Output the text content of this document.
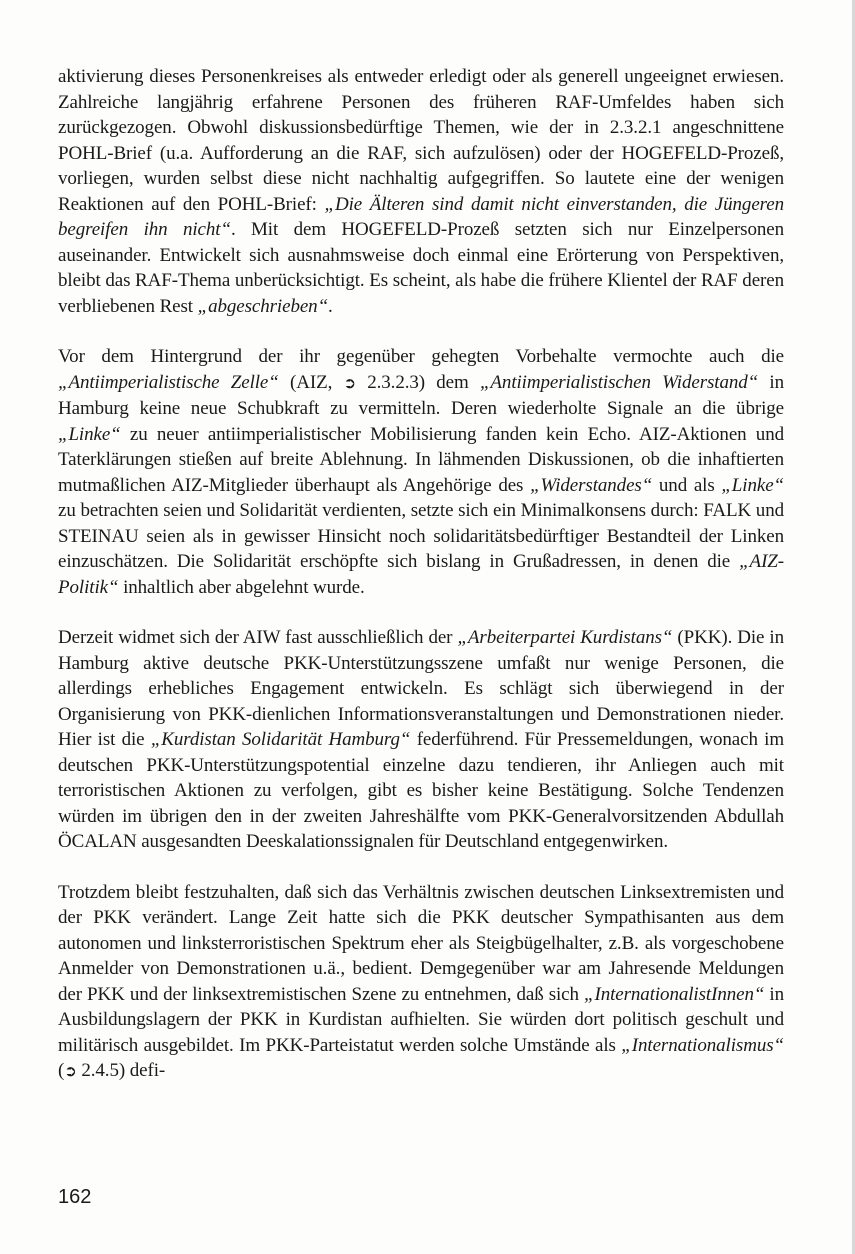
aktivierung dieses Personenkreises als entweder erledigt oder als generell ungeeignet erwiesen. Zahlreiche langjährig erfahrene Personen des früheren RAF-Umfeldes haben sich zurückgezogen. Obwohl diskussionsbedürftige Themen, wie der in 2.3.2.1 angeschnittene POHL-Brief (u.a. Aufforderung an die RAF, sich aufzulösen) oder der HOGEFELD-Prozeß, vorliegen, wurden selbst diese nicht nachhaltig aufgegriffen. So lautete eine der wenigen Reaktionen auf den POHL-Brief: „Die Älteren sind damit nicht einverstanden, die Jüngeren begreifen ihn nicht“. Mit dem HOGEFELD-Prozeß setzten sich nur Einzelpersonen auseinander. Entwickelt sich ausnahmsweise doch einmal eine Erörterung von Perspektiven, bleibt das RAF-Thema unberücksichtigt. Es scheint, als habe die frühere Klientel der RAF deren verbliebenen Rest „abgeschrieben“.

Vor dem Hintergrund der ihr gegenüber gehegten Vorbehalte vermochte auch die „Antiimperialistische Zelle“ (AIZ, ➲ 2.3.2.3) dem „Antiimperialistischen Widerstand“ in Hamburg keine neue Schubkraft zu vermitteln. Deren wiederholte Signale an die übrige „Linke“ zu neuer antiimperialistischer Mobilisierung fanden kein Echo. AIZ-Aktionen und Taterklärungen stießen auf breite Ablehnung. In lähmenden Diskussionen, ob die inhaftierten mutmaßlichen AIZ-Mitglieder überhaupt als Angehörige des „Widerstandes“ und als „Linke“ zu betrachten seien und Solidarität verdienten, setzte sich ein Minimalkonsens durch: FALK und STEINAU seien als in gewisser Hinsicht noch solidaritätsbedürftiger Bestandteil der Linken einzuschätzen. Die Solidarität erschöpfte sich bislang in Grußadressen, in denen die „AIZ-Politik“ inhaltlich aber abgelehnt wurde.

Derzeit widmet sich der AIW fast ausschließlich der „Arbeiterpartei Kurdistans“ (PKK). Die in Hamburg aktive deutsche PKK-Unterstützungsszene umfaßt nur wenige Personen, die allerdings erhebliches Engagement entwickeln. Es schlägt sich überwiegend in der Organisierung von PKK-dienlichen Informationsveranstaltungen und Demonstrationen nieder. Hier ist die „Kurdistan Solidarität Hamburg“ federführend. Für Pressemeldungen, wonach im deutschen PKK-Unterstützungspotential einzelne dazu tendieren, ihr Anliegen auch mit terroristischen Aktionen zu verfolgen, gibt es bisher keine Bestätigung. Solche Tendenzen würden im übrigen den in der zweiten Jahreshälfte vom PKK-Generalvorsitzenden Abdullah ÖCALAN ausgesandten Deeskalationssignalen für Deutschland entgegenwirken.

Trotzdem bleibt festzuhalten, daß sich das Verhältnis zwischen deutschen Linksextremisten und der PKK verändert. Lange Zeit hatte sich die PKK deutscher Sympathisanten aus dem autonomen und linksterroristischen Spektrum eher als Steigbügelhalter, z.B. als vorgeschobene Anmelder von Demonstrationen u.ä., bedient. Demgegenüber war am Jahresende Meldungen der PKK und der linksextremistischen Szene zu entnehmen, daß sich „InternationalistInnen“ in Ausbildungslagern der PKK in Kurdistan aufhielten. Sie würden dort politisch geschult und militärisch ausgebildet. Im PKK-Parteistatut werden solche Umstände als „Internationalismus“ (➲ 2.4.5) defi-

162
